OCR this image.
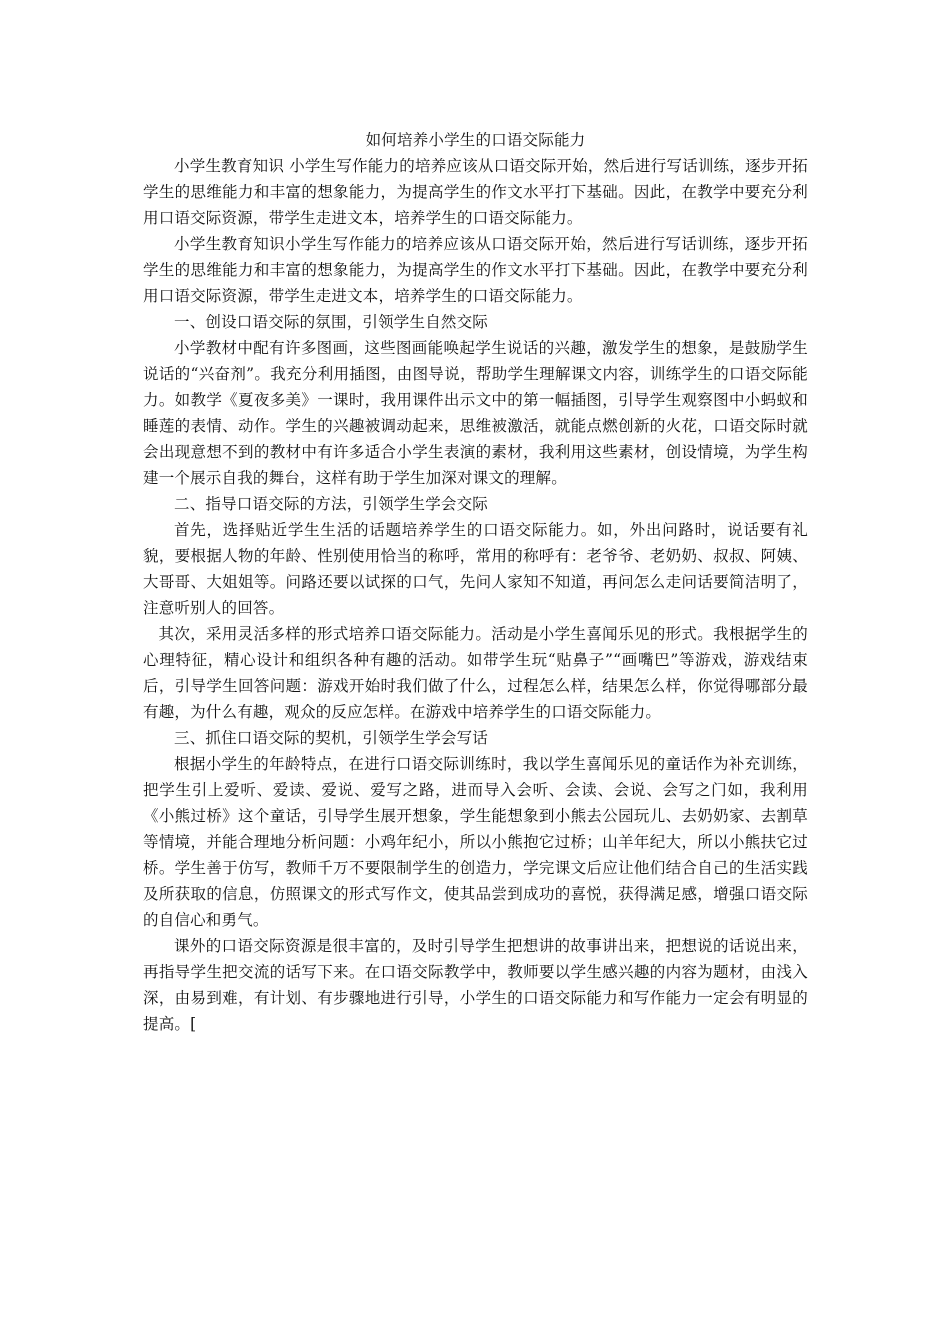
如何培养小学生的口语交际能力

小学生教育知识 小学生写作能力的培养应该从口语交际开始，然后进行写话训练，逐步开拓学生的思维能力和丰富的想象能力，为提高学生的作文水平打下基础。因此，在教学中要充分利用口语交际资源，带学生走进文本，培养学生的口语交际能力。

小学生教育知识小学生写作能力的培养应该从口语交际开始，然后进行写话训练，逐步开拓学生的思维能力和丰富的想象能力，为提高学生的作文水平打下基础。因此，在教学中要充分利用口语交际资源，带学生走进文本，培养学生的口语交际能力。

一、创设口语交际的氛围，引领学生自然交际

小学教材中配有许多图画，这些图画能唤起学生说话的兴趣，激发学生的想象，是鼓励学生说话的“兴奋剂”。我充分利用插图，由图导说，帮助学生理解课文内容，训练学生的口语交际能力。如教学《夏夜多美》一课时，我用课件出示文中的第一幅插图，引导学生观察图中小蚂蚁和睡莲的表情、动作。学生的兴趣被调动起来，思维被激活，就能点燃创新的火花，口语交际时就会出现意想不到的教材中有许多适合小学生表演的素材，我利用这些素材，创设情境，为学生构建一个展示自我的舞台，这样有助于学生加深对课文的理解。

二、指导口语交际的方法，引领学生学会交际

首先，选择贴近学生生活的话题培养学生的口语交际能力。如，外出问路时，说话要有礼貌，要根据人物的年龄、性别使用恰当的称呼，常用的称呼有：老爷爷、老奶奶、叔叔、阿姨、大哥哥、大姐姐等。问路还要以试探的口气，先问人家知不知道，再问怎么走问话要简洁明了，注意听别人的回答。

其次，采用灵活多样的形式培养口语交际能力。活动是小学生喜闻乐见的形式。我根据学生的心理特征，精心设计和组织各种有趣的活动。如带学生玩“贴鼻子”“画嘴巴”等游戏，游戏结束后，引导学生回答问题：游戏开始时我们做了什么，过程怎么样，结果怎么样，你觉得哪部分最有趣，为什么有趣，观众的反应怎样。在游戏中培养学生的口语交际能力。

三、抓住口语交际的契机，引领学生学会写话

根据小学生的年龄特点，在进行口语交际训练时，我以学生喜闻乐见的童话作为补充训练，把学生引上爱听、爱读、爱说、爱写之路，进而导入会听、会读、会说、会写之门如，我利用《小熊过桥》这个童话，引导学生展开想象，学生能想象到小熊去公园玩儿、去奶奶家、去割草等情境，并能合理地分析问题：小鸡年纪小，所以小熊抱它过桥；山羊年纪大，所以小熊扶它过桥。学生善于仿写，教师千万不要限制学生的创造力，学完课文后应让他们结合自己的生活实践及所获取的信息，仿照课文的形式写作文，使其品尝到成功的喜悦，获得满足感，增强口语交际的自信心和勇气。

课外的口语交际资源是很丰富的，及时引导学生把想讲的故事讲出来，把想说的话说出来，再指导学生把交流的话写下来。在口语交际教学中，教师要以学生感兴趣的内容为题材，由浅入深，由易到难，有计划、有步骤地进行引导，小学生的口语交际能力和写作能力一定会有明显的提高。[
